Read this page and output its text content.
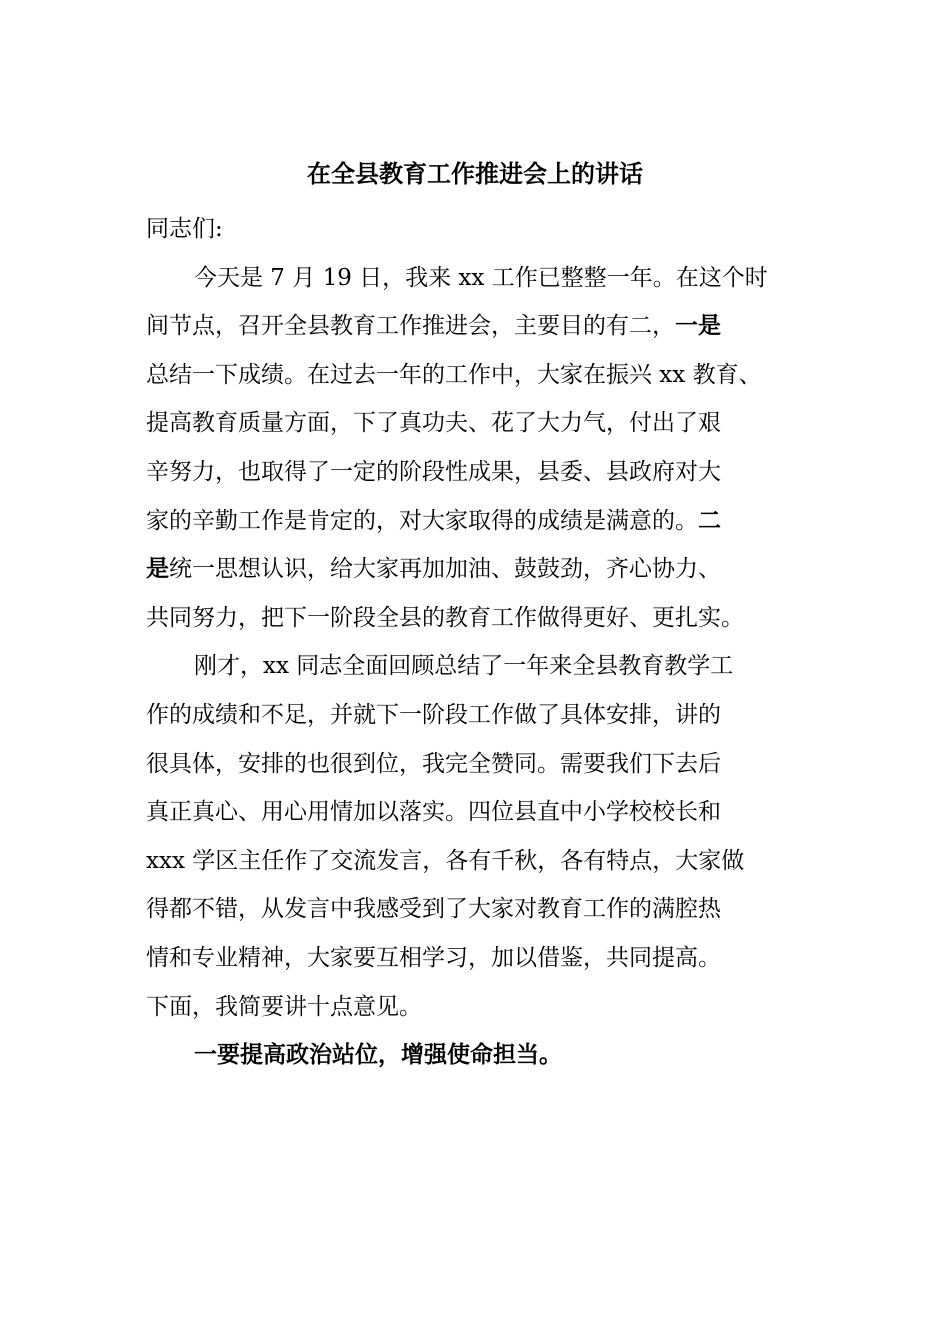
在全县教育工作推进会上的讲话
同志们:
今天是 7 月 19 日，我来 xx 工作已整整一年。在这个时
间节点，召开全县教育工作推进会，主要目的有二，一是
总结一下成绩。在过去一年的工作中，大家在振兴 xx 教育、
提高教育质量方面，下了真功夫、花了大力气，付出了艰
辛努力，也取得了一定的阶段性成果，县委、县政府对大
家的辛勤工作是肯定的，对大家取得的成绩是满意的。二
是统一思想认识，给大家再加加油、鼓鼓劲，齐心协力、
共同努力，把下一阶段全县的教育工作做得更好、更扎实。
刚才，xx 同志全面回顾总结了一年来全县教育教学工
作的成绩和不足，并就下一阶段工作做了具体安排，讲的
很具体，安排的也很到位，我完全赞同。需要我们下去后
真正真心、用心用情加以落实。四位县直中小学校校长和
xxx 学区主任作了交流发言，各有千秋，各有特点，大家做
得都不错，从发言中我感受到了大家对教育工作的满腔热
情和专业精神，大家要互相学习，加以借鉴，共同提高。
下面，我简要讲十点意见。
一要提高政治站位，增强使命担当。
